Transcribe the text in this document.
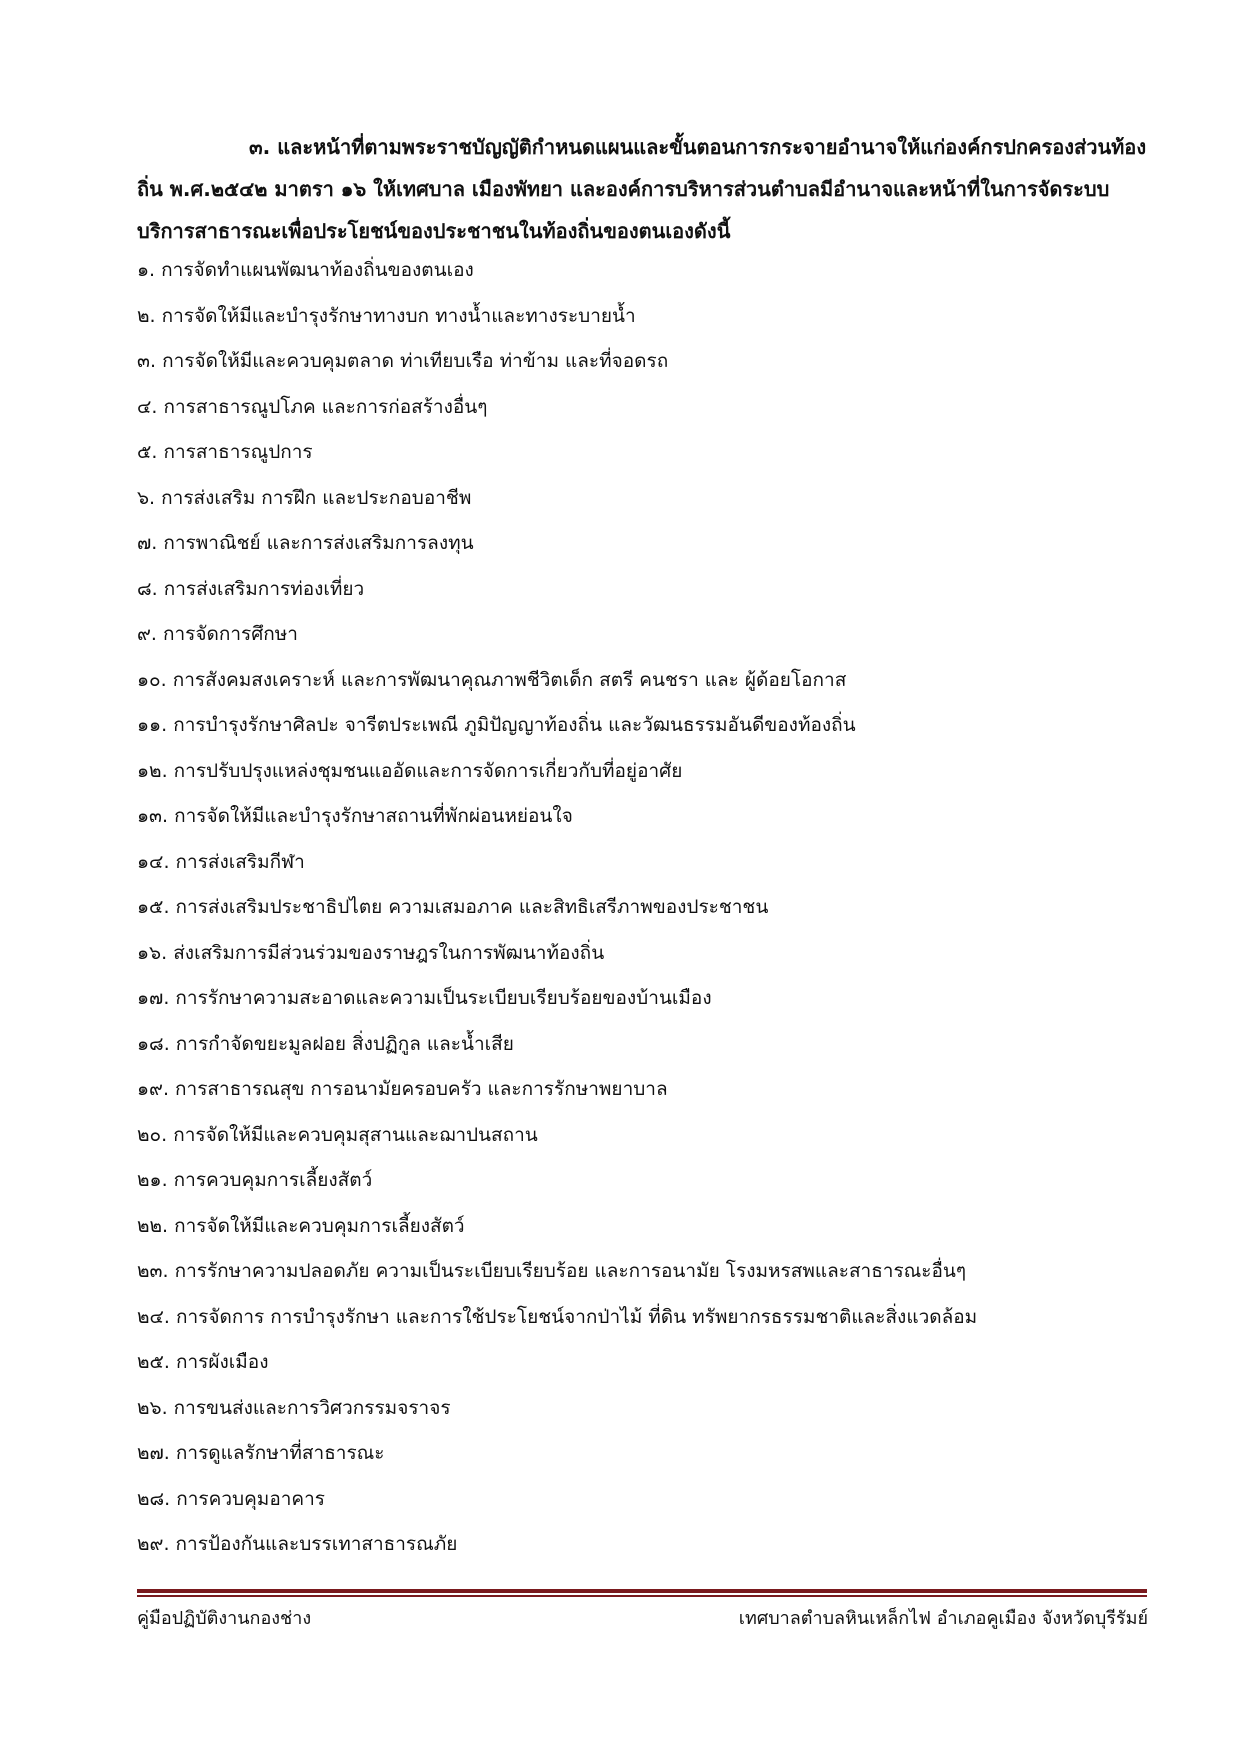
๓. และหน้าที่ตามพระราชบัญญัติกำหนดแผนและขั้นตอนการกระจายอำนาจให้แก่องค์กรปกครองส่วนท้องถิ่น พ.ศ.๒๕๔๒ มาตรา ๑๖ ให้เทศบาล เมืองพัทยา และองค์การบริหารส่วนตำบลมีอำนาจและหน้าที่ในการจัดระบบบริการสาธารณะเพื่อประโยชน์ของประชาชนในท้องถิ่นของตนเองดังนี้

๑. การจัดทำแผนพัฒนาท้องถิ่นของตนเอง
๒. การจัดให้มีและบำรุงรักษาทางบก ทางน้ำและทางระบายน้ำ
๓. การจัดให้มีและควบคุมตลาด ท่าเทียบเรือ ท่าข้าม และที่จอดรถ
๔. การสาธารณูปโภค และการก่อสร้างอื่นๆ
๕. การสาธารณูปการ
๖. การส่งเสริม การฝึก และประกอบอาชีพ
๗. การพาณิชย์ และการส่งเสริมการลงทุน
๘. การส่งเสริมการท่องเที่ยว
๙. การจัดการศึกษา
๑๐. การสังคมสงเคราะห์ และการพัฒนาคุณภาพชีวิตเด็ก สตรี คนชรา และ ผู้ด้อยโอกาส
๑๑. การบำรุงรักษาศิลปะ จารีตประเพณี ภูมิปัญญาท้องถิ่น และวัฒนธรรมอันดีของท้องถิ่น
๑๒. การปรับปรุงแหล่งชุมชนแออัดและการจัดการเกี่ยวกับที่อยู่อาศัย
๑๓. การจัดให้มีและบำรุงรักษาสถานที่พักผ่อนหย่อนใจ
๑๔. การส่งเสริมกีฬา
๑๕. การส่งเสริมประชาธิปไตย ความเสมอภาค และสิทธิเสรีภาพของประชาชน
๑๖. ส่งเสริมการมีส่วนร่วมของราษฎรในการพัฒนาท้องถิ่น
๑๗. การรักษาความสะอาดและความเป็นระเบียบเรียบร้อยของบ้านเมือง
๑๘. การกำจัดขยะมูลฝอย สิ่งปฏิกูล และน้ำเสีย
๑๙. การสาธารณสุข การอนามัยครอบครัว และการรักษาพยาบาล
๒๐. การจัดให้มีและควบคุมสุสานและฌาปนสถาน
๒๑. การควบคุมการเลี้ยงสัตว์
๒๒. การจัดให้มีและควบคุมการเลี้ยงสัตว์
๒๓. การรักษาความปลอดภัย ความเป็นระเบียบเรียบร้อย และการอนามัย โรงมหรสพและสาธารณะอื่นๆ
๒๔. การจัดการ การบำรุงรักษา และการใช้ประโยชน์จากป่าไม้ ที่ดิน ทรัพยากรธรรมชาติและสิ่งแวดล้อม
๒๕. การผังเมือง
๒๖. การขนส่งและการวิศวกรรมจราจร
๒๗. การดูแลรักษาที่สาธารณะ
๒๘. การควบคุมอาคาร
๒๙. การป้องกันและบรรเทาสาธารณภัย
คู่มือปฏิบัติงานกองช่าง	เทศบาลตำบลหินเหล็กไฟ อำเภอคูเมือง จังหวัดบุรีรัมย์
